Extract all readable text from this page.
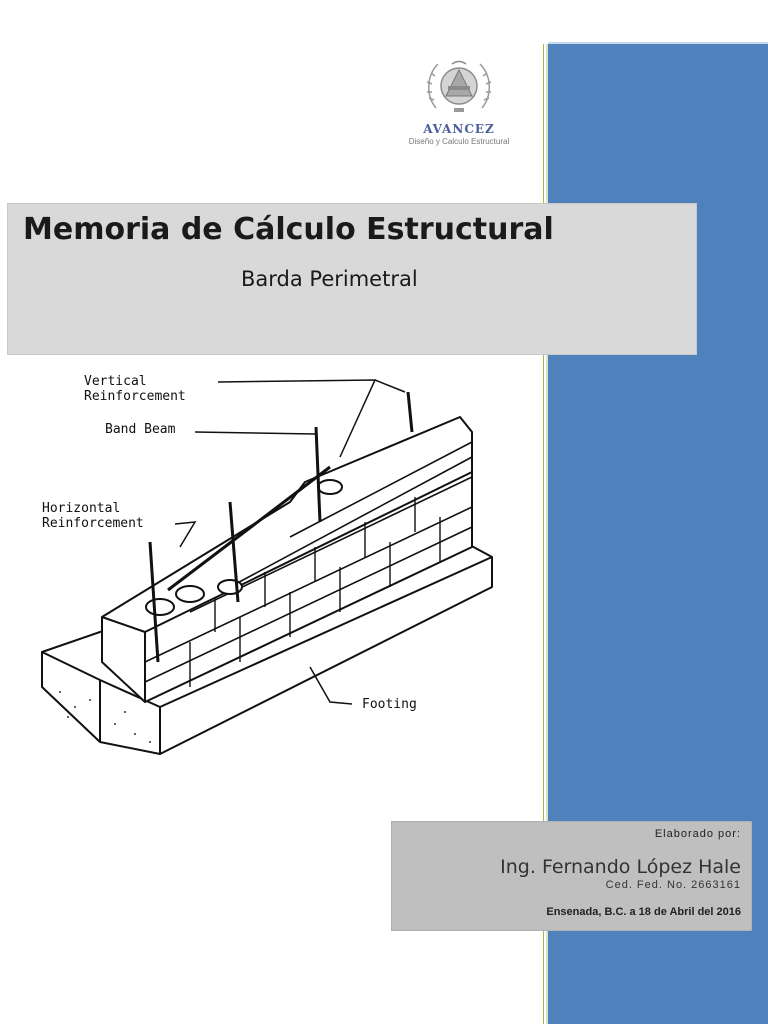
AVANCEZ
Diseño y Calculo Estructural
Memoria de Cálculo Estructural
Barda Perimetral
Vertical
Reinforcement
Band Beam
Horizontal
Reinforcement
Footing
Elaborado por:
Ing. Fernando López Hale
Ced. Fed. No. 2663161
Ensenada, B.C. a 18 de Abril del 2016
